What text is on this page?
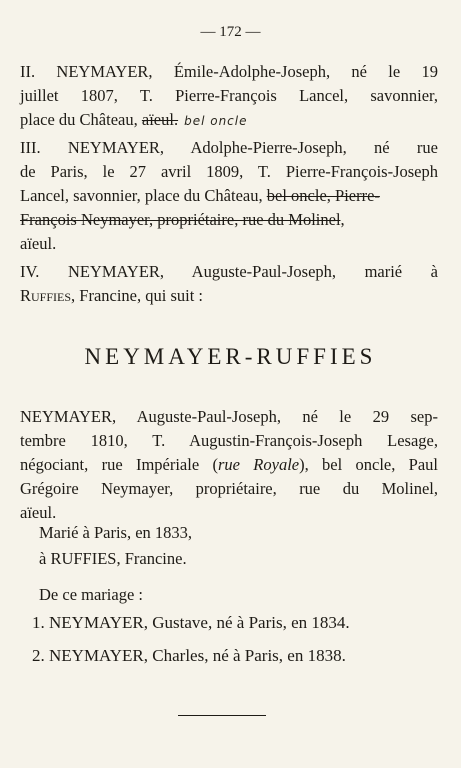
— 172 —
II. NEYMAYER, Émile-Adolphe-Joseph, né le 19
juillet 1807, T. Pierre-François Lancel, savonnier,
place du Château, aïeul. bel oncle
III. NEYMAYER, Adolphe-Pierre-Joseph, né rue
de Paris, le 27 avril 1809, T. Pierre-François-Joseph
Lancel, savonnier, place du Château, bel oncle, Pierre-
François Neymayer, propriétaire, rue du Molinel,
aïeul.
IV. NEYMAYER, Auguste-Paul-Joseph, marié à
Ruffies, Francine, qui suit :
NEYMAYER-RUFFIES
NEYMAYER, Auguste-Paul-Joseph, né le 29 sep-
tembre 1810, T. Augustin-François-Joseph Lesage,
négociant, rue Impériale (rue Royale), bel oncle, Paul
Grégoire Neymayer, propriétaire, rue du Molinel,
aïeul.
Marié à Paris, en 1833,
à RUFFIES, Francine.
De ce mariage :
1. NEYMAYER, Gustave, né à Paris, en 1834.
2. NEYMAYER, Charles, né à Paris, en 1838.
